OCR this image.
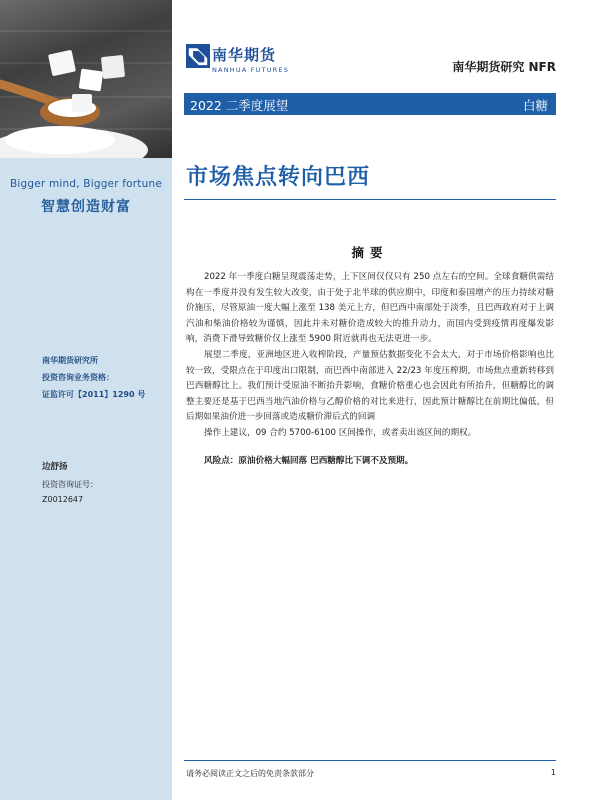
Bigger mind, Bigger fortune
智慧创造财富
南华期货研究所
投资咨询业务资格：
证监许可【2011】1290 号
边舒扬
投资咨询证号：
Z0012647
南华期货
NANHUA FUTURES	南华期货研究 NFR
2022 二季度展望	白糖
市场焦点转向巴西
摘要

2022 年一季度白糖呈现震荡走势，上下区间仅仅只有 250 点左右的空间。全球食糖供需结构在一季度并没有发生较大改变，由于处于北半球的供应期中，印度和泰国增产的压力持续对糖价施压，尽管原油一度大幅上涨至 138 美元上方，但巴西中南部处于淡季，且巴西政府对于上调汽油和柴油价格较为谨慎，因此并未对糖价造成较大的推升动力，而国内受到疫情再度爆发影响，消费下滑导致糖价仅上涨至 5900 附近就再也无法更进一步。

展望二季度，亚洲地区进入收榨阶段，产量预估数据变化不会太大，对于市场价格影响也比较一致，受限点在于印度出口限制，而巴西中南部进入 22/23 年度压榨期，市场焦点重新转移到巴西糖醇比上。我们预计受原油不断抬升影响，食糖价格重心也会因此有所抬升，但糖醇比的调整主要还是基于巴西当地汽油价格与乙醇价格的对比来进行，因此预计糖醇比在前期比偏低，但后期如果油价进一步回落或造成糖价滞后式的回调

操作上建议，09 合约 5700-6100 区间操作，或者卖出该区间的期权。

风险点：原油价格大幅回落 巴西糖醇比下调不及预期。

请务必阅读正文之后的免责条款部分	1
